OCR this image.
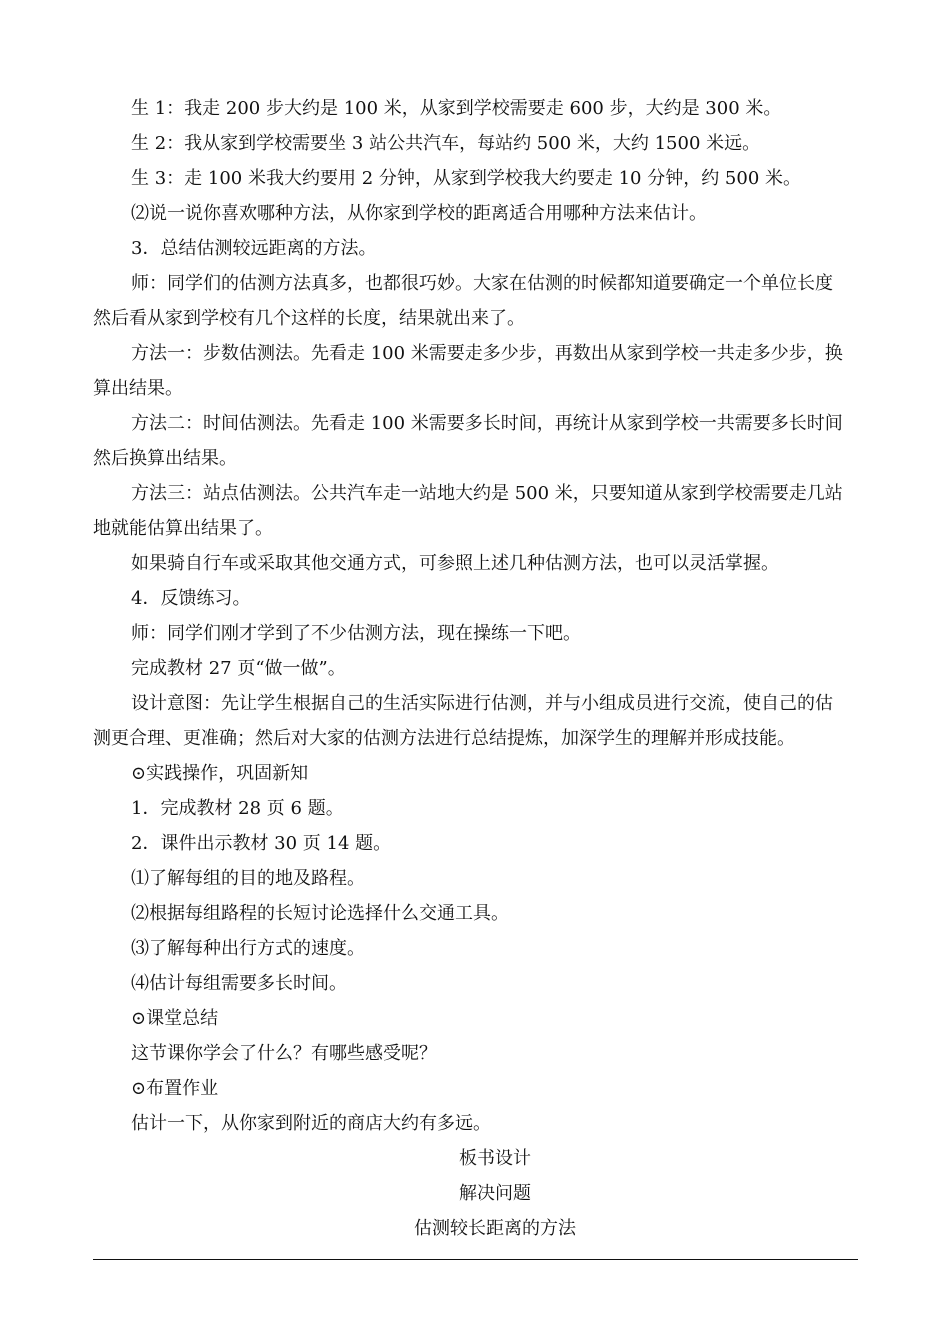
生 1：我走 200 步大约是 100 米，从家到学校需要走 600 步，大约是 300 米。
生 2：我从家到学校需要坐 3 站公共汽车，每站约 500 米，大约 1500 米远。
生 3：走 100 米我大约要用 2 分钟，从家到学校我大约要走 10 分钟，约 500 米。
⑵说一说你喜欢哪种方法，从你家到学校的距离适合用哪种方法来估计。
3．总结估测较远距离的方法。
师：同学们的估测方法真多，也都很巧妙。大家在估测的时候都知道要确定一个单位长度
然后看从家到学校有几个这样的长度，结果就出来了。
方法一：步数估测法。先看走 100 米需要走多少步，再数出从家到学校一共走多少步，换
算出结果。
方法二：时间估测法。先看走 100 米需要多长时间，再统计从家到学校一共需要多长时间
然后换算出结果。
方法三：站点估测法。公共汽车走一站地大约是 500 米，只要知道从家到学校需要走几站
地就能估算出结果了。
如果骑自行车或采取其他交通方式，可参照上述几种估测方法，也可以灵活掌握。
4．反馈练习。
师：同学们刚才学到了不少估测方法，现在操练一下吧。
完成教材 27 页“做一做”。
设计意图：先让学生根据自己的生活实际进行估测，并与小组成员进行交流，使自己的估
测更合理、更准确；然后对大家的估测方法进行总结提炼，加深学生的理解并形成技能。
⊙实践操作，巩固新知
1．完成教材 28 页 6 题。
2．课件出示教材 30 页 14 题。
⑴了解每组的目的地及路程。
⑵根据每组路程的长短讨论选择什么交通工具。
⑶了解每种出行方式的速度。
⑷估计每组需要多长时间。
⊙课堂总结
这节课你学会了什么？有哪些感受呢？
⊙布置作业
估计一下，从你家到附近的商店大约有多远。
板书设计
解决问题
估测较长距离的方法
